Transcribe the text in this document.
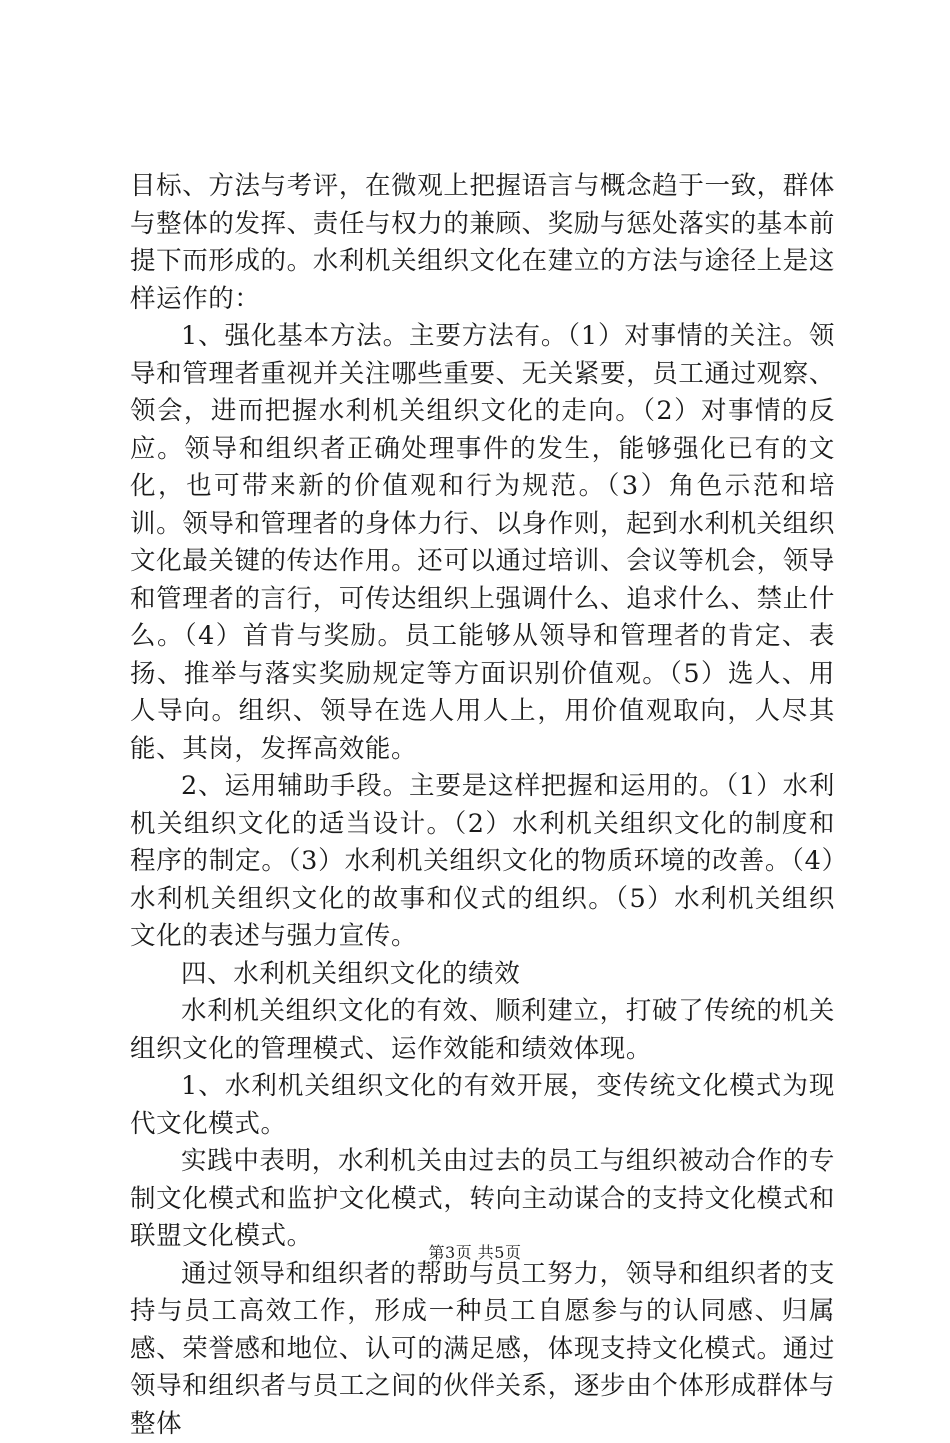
目标、方法与考评，在微观上把握语言与概念趋于一致，群体与整体的发挥、责任与权力的兼顾、奖励与惩处落实的基本前提下而形成的。水利机关组织文化在建立的方法与途径上是这样运作的：

1、强化基本方法。主要方法有。（1）对事情的关注。领导和管理者重视并关注哪些重要、无关紧要，员工通过观察、领会，进而把握水利机关组织文化的走向。（2）对事情的反应。领导和组织者正确处理事件的发生，能够强化已有的文化，也可带来新的价值观和行为规范。（3）角色示范和培训。领导和管理者的身体力行、以身作则，起到水利机关组织文化最关键的传达作用。还可以通过培训、会议等机会，领导和管理者的言行，可传达组织上强调什么、追求什么、禁止什么。（4）首肯与奖励。员工能够从领导和管理者的肯定、表扬、推举与落实奖励规定等方面识别价值观。（5）选人、用人导向。组织、领导在选人用人上，用价值观取向，人尽其能、其岗，发挥高效能。

2、运用辅助手段。主要是这样把握和运用的。（1）水利机关组织文化的适当设计。（2）水利机关组织文化的制度和程序的制定。（3）水利机关组织文化的物质环境的改善。（4）水利机关组织文化的故事和仪式的组织。（5）水利机关组织文化的表述与强力宣传。

四、水利机关组织文化的绩效

水利机关组织文化的有效、顺利建立，打破了传统的机关组织文化的管理模式、运作效能和绩效体现。

1、水利机关组织文化的有效开展，变传统文化模式为现代文化模式。

实践中表明，水利机关由过去的员工与组织被动合作的专制文化模式和监护文化模式，转向主动谋合的支持文化模式和联盟文化模式。

通过领导和组织者的帮助与员工努力，领导和组织者的支持与员工高效工作，形成一种员工自愿参与的认同感、归属感、荣誉感和地位、认可的满足感，体现支持文化模式。通过领导和组织者与员工之间的伙伴关系，逐步由个体形成群体与整体

第3页 共5页
